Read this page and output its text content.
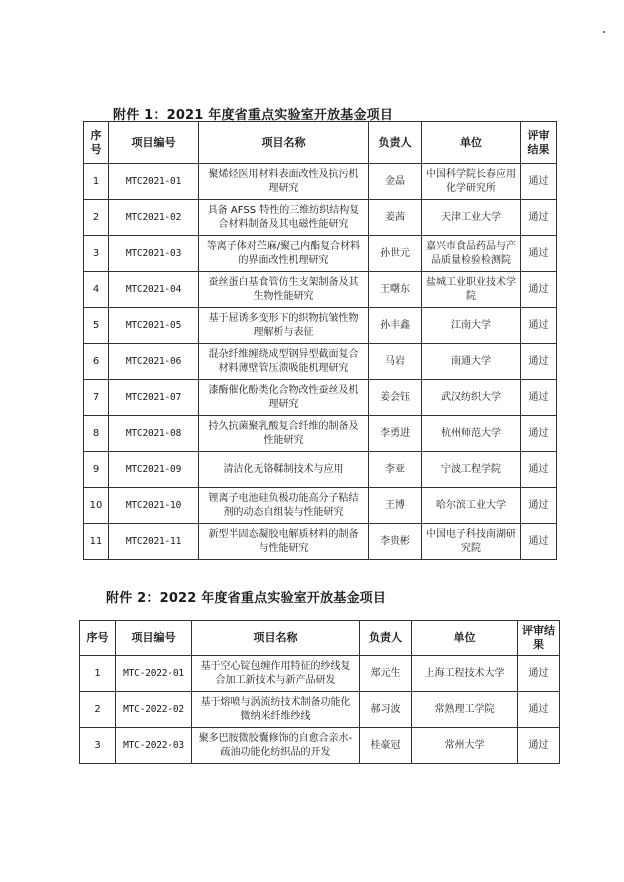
附件 1：2021 年度省重点实验室开放基金项目
序号	项目编号	项目名称	负责人	单位	评审结果
1	MTC2021-01	聚烯烃医用材料表面改性及抗污机理研究	金晶	中国科学院长春应用化学研究所	通过
2	MTC2021-02	具备 AFSS 特性的三维纺织结构复合材料制备及其电磁性能研究	姜茜	天津工业大学	通过
3	MTC2021-03	等离子体对苎麻/聚己内酯复合材料的界面改性机理研究	孙世元	嘉兴市食品药品与产品质量检验检测院	通过
4	MTC2021-04	蚕丝蛋白基食管仿生支架制备及其生物性能研究	王曙东	盐城工业职业技术学院	通过
5	MTC2021-05	基于屈诱多变形下的织物抗皱性物理解析与表征	孙丰鑫	江南大学	通过
6	MTC2021-06	混杂纤维缠绕成型钢异型截面复合材料薄壁管压溃吸能机理研究	马岩	南通大学	通过
7	MTC2021-07	漆酶催化酚类化合物改性蚕丝及机理研究	姜会钰	武汉纺织大学	通过
8	MTC2021-08	持久抗菌聚乳酸复合纤维的制备及性能研究	李勇进	杭州师范大学	通过
9	MTC2021-09	清洁化无铬鞣制技术与应用	李亚	宁波工程学院	通过
10	MTC2021-10	锂离子电池硅负极功能高分子粘结剂的动态自组装与性能研究	王博	哈尔滨工业大学	通过
11	MTC2021-11	新型半固态凝胶电解质材料的制备与性能研究	李贵彬	中国电子科技南湖研究院	通过
附件 2：2022 年度省重点实验室开放基金项目
序号	项目编号	项目名称	负责人	单位	评审结果
1	MTC-2022-01	基于空心锭包缠作用特征的纱线复合加工新技术与新产品研发	郑元生	上海工程技术大学	通过
2	MTC-2022-02	基于熔喷与涡流纺技术制备功能化微纳米纤维纱线	郝习波	常熟理工学院	通过
3	MTC-2022-03	聚多巴胺微胶囊修饰的自愈合亲水-疏油功能化纺织品的开发	桂豪冠	常州大学	通过
